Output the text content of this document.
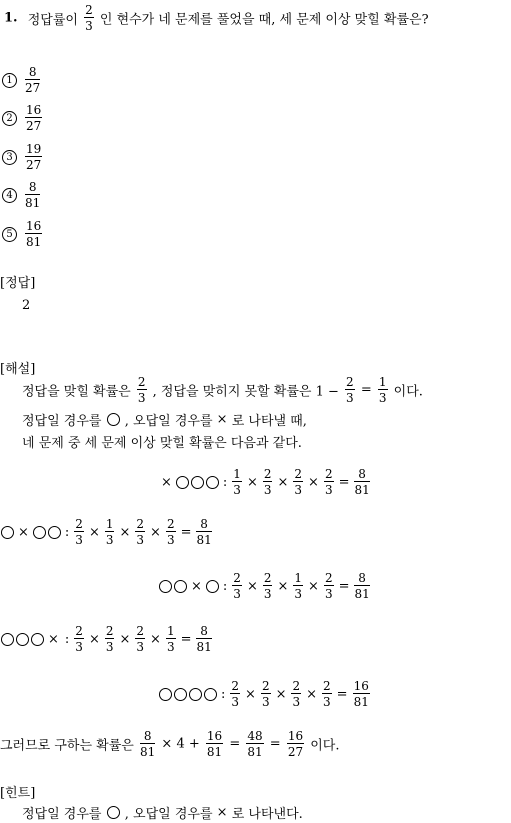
1. 정답률이 $\frac{2}{3}$ 인 현수가 네 문제를 풀었을 때, 세 문제 이상 맞힐 확률은?
$1 \frac{8}{27}$
$2 \frac{16}{27}$
$3 \frac{19}{27}$
$4 \frac{8}{81}$
$5 \frac{16}{81}$
[정답]
2
[해설]
정답을 맞힐 확률은 $\frac{2}{3}$ , 정답을 맞히지 못할 확률은 $1 - \frac{2}{3} = \frac{1}{3}$ 이다.
정답일 경우를 , 오답일 경우를 × 로 나타낼 때,
네 문제 중 세 문제 이상 맞힐 확률은 다음과 같다.
×	: $\frac{1}{3} \times \frac{2}{3} \times \frac{2}{3} \times \frac{2}{3} = \frac{8}{81}$
×	: $\frac{2}{3} \times \frac{1}{3} \times \frac{2}{3} \times \frac{2}{3} = \frac{8}{81}$
× : $\frac{2}{3} \times \frac{2}{3} \times \frac{1}{3} \times \frac{2}{3} = \frac{8}{81}$
× : $\frac{2}{3} \times \frac{2}{3} \times \frac{2}{3} \times \frac{1}{3} = \frac{8}{81}$
: $\frac{2}{3} \times \frac{2}{3} \times \frac{2}{3} \times \frac{2}{3} = \frac{16}{81}$
그러므로 구하는 확률은 $\frac{8}{81} \times 4 + \frac{16}{81} = \frac{48}{81} = \frac{16}{27}$ 이다.
[힌트]
정답일 경우를 , 오답일 경우를 × 로 나타낸다.
